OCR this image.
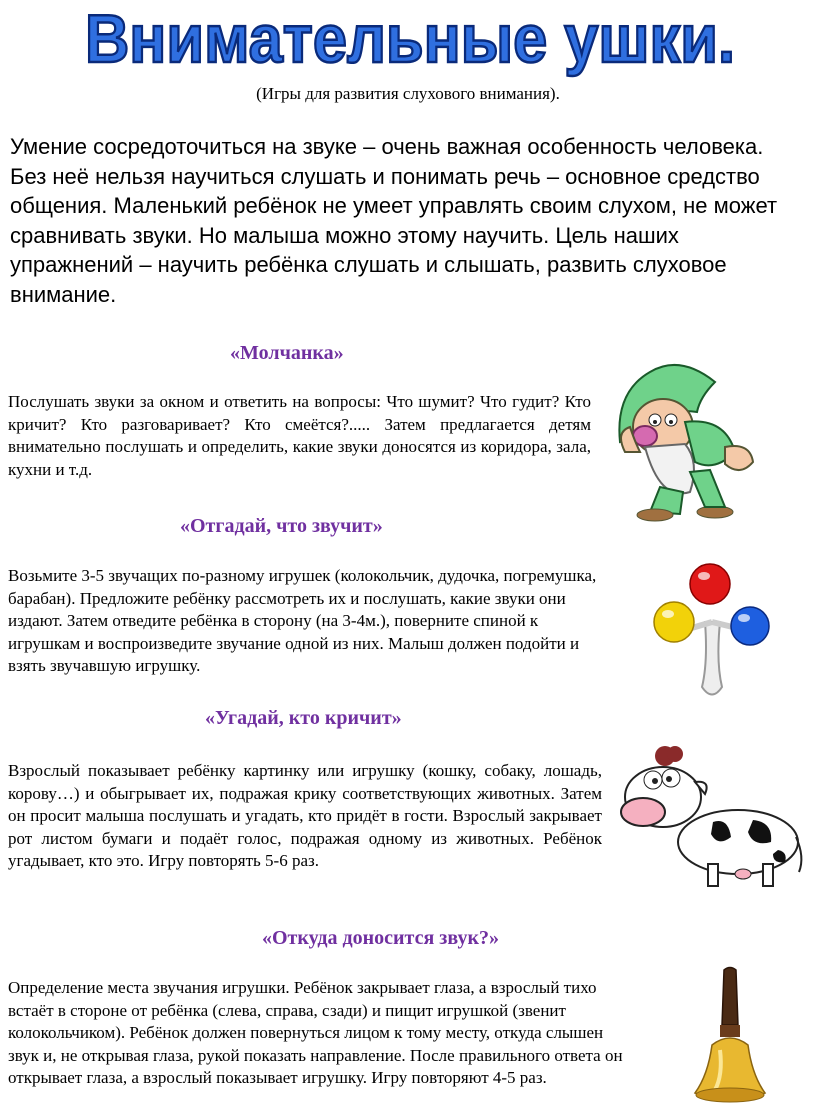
Внимательные ушки.
(Игры для развития слухового внимания).
Умение сосредоточиться на звуке – очень важная особенность человека. Без неё нельзя научиться слушать и понимать речь – основное средство общения. Маленький ребёнок не умеет управлять своим слухом, не может сравнивать звуки. Но малыша можно этому научить. Цель наших упражнений – научить ребёнка слушать и слышать, развить слуховое внимание.
«Молчанка»
Послушать звуки за окном и ответить на вопросы: Что шумит? Что гудит? Кто кричит? Кто разговаривает? Кто смеётся?..... Затем предлагается детям внимательно послушать и определить, какие звуки доносятся из коридора, зала, кухни и т.д.
«Отгадай, что звучит»
Возьмите 3-5 звучащих по-разному игрушек (колокольчик, дудочка, погремушка, барабан). Предложите ребёнку рассмотреть их и послушать, какие звуки они издают. Затем отведите ребёнка в сторону (на 3-4м.), поверните спиной к игрушкам и воспроизведите звучание одной из них. Малыш должен подойти и взять звучавшую игрушку.
«Угадай, кто кричит»
Взрослый показывает ребёнку картинку или игрушку (кошку, собаку, лошадь, корову…) и обыгрывает их, подражая крику соответствующих животных. Затем он просит малыша послушать и угадать, кто придёт в гости. Взрослый закрывает рот листом бумаги и подаёт голос, подражая одному из животных. Ребёнок угадывает, кто это. Игру повторять 5-6 раз.
«Откуда доносится звук?»
Определение места звучания игрушки. Ребёнок закрывает глаза, а взрослый тихо встаёт в стороне от ребёнка (слева, справа, сзади) и пищит игрушкой (звенит колокольчиком). Ребёнок должен повернуться лицом к тому месту, откуда слышен звук и, не открывая глаза, рукой показать направление. После правильного ответа он открывает глаза, а взрослый показывает игрушку. Игру повторяют 4-5 раз.
